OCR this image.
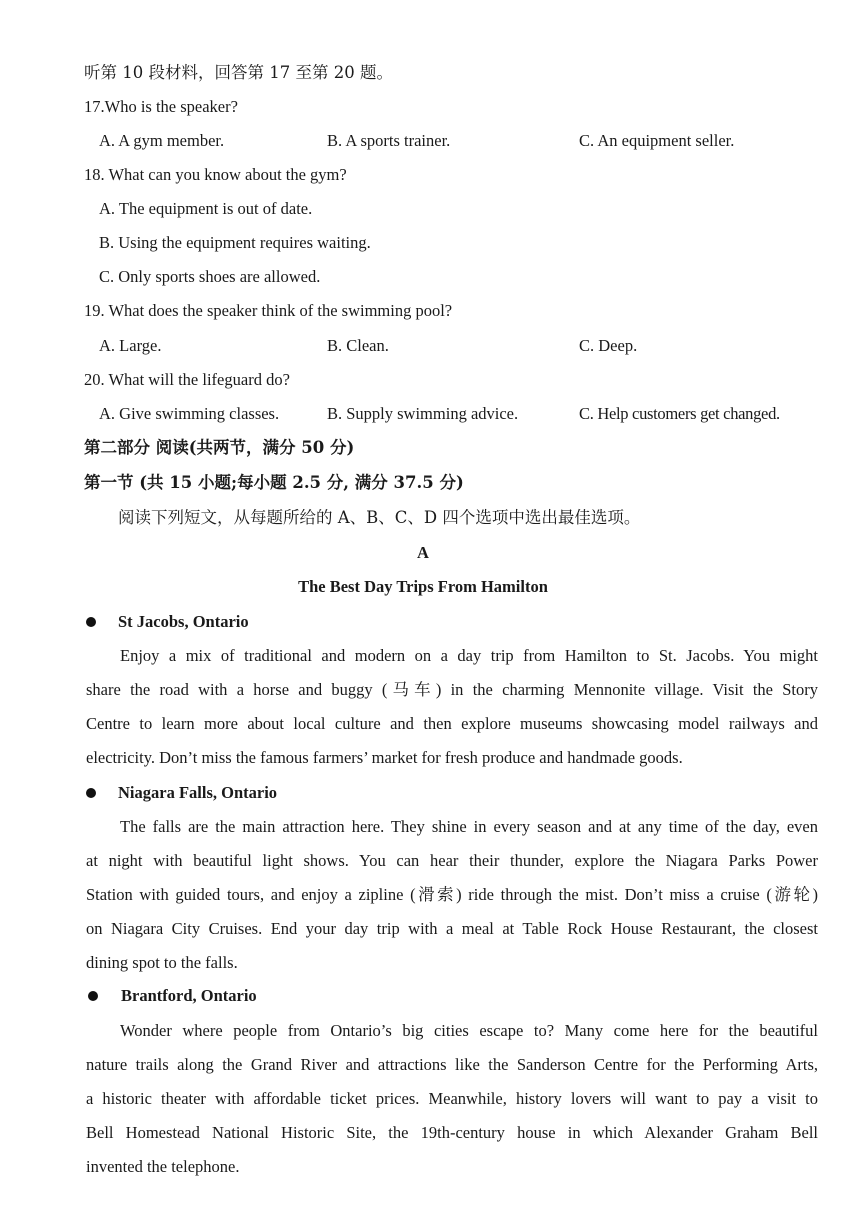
听第 10 段材料，回答第 17 至第 20 题。
17.Who is the speaker?
A. A gym member.	B. A sports trainer.	C. An equipment seller.
18. What can you know about the gym?
A. The equipment is out of date.
B. Using the equipment requires waiting.
C. Only sports shoes are allowed.
19. What does the speaker think of the swimming pool?
A. Large.	B. Clean.	C. Deep.
20. What will the lifeguard do?
A. Give swimming classes.	B. Supply swimming advice.	C. Help customers get changed.
第二部分 阅读(共两节，满分 50 分)
第一节 (共 15 小题;每小题 2.5 分, 满分 37.5 分)
阅读下列短文，从每题所给的 A、B、C、D 四个选项中选出最佳选项。
A
The Best Day Trips From Hamilton
St Jacobs, Ontario
Enjoy a mix of traditional and modern on a day trip from Hamilton to St. Jacobs. You might
share the road with a horse and buggy (马车) in the charming Mennonite village. Visit the Story
Centre to learn more about local culture and then explore museums showcasing model railways and
electricity. Don’t miss the famous farmers’ market for fresh produce and handmade goods.
Niagara Falls, Ontario
The falls are the main attraction here. They shine in every season and at any time of the day, even
at night with beautiful light shows. You can hear their thunder, explore the Niagara Parks Power
Station with guided tours, and enjoy a zipline (滑索) ride through the mist. Don’t miss a cruise (游轮)
on Niagara City Cruises. End your day trip with a meal at Table Rock House Restaurant, the closest
dining spot to the falls.
Brantford, Ontario
Wonder where people from Ontario’s big cities escape to? Many come here for the beautiful
nature trails along the Grand River and attractions like the Sanderson Centre for the Performing Arts,
a historic theater with affordable ticket prices. Meanwhile, history lovers will want to pay a visit to
Bell Homestead National Historic Site, the 19th-century house in which Alexander Graham Bell
invented the telephone.
